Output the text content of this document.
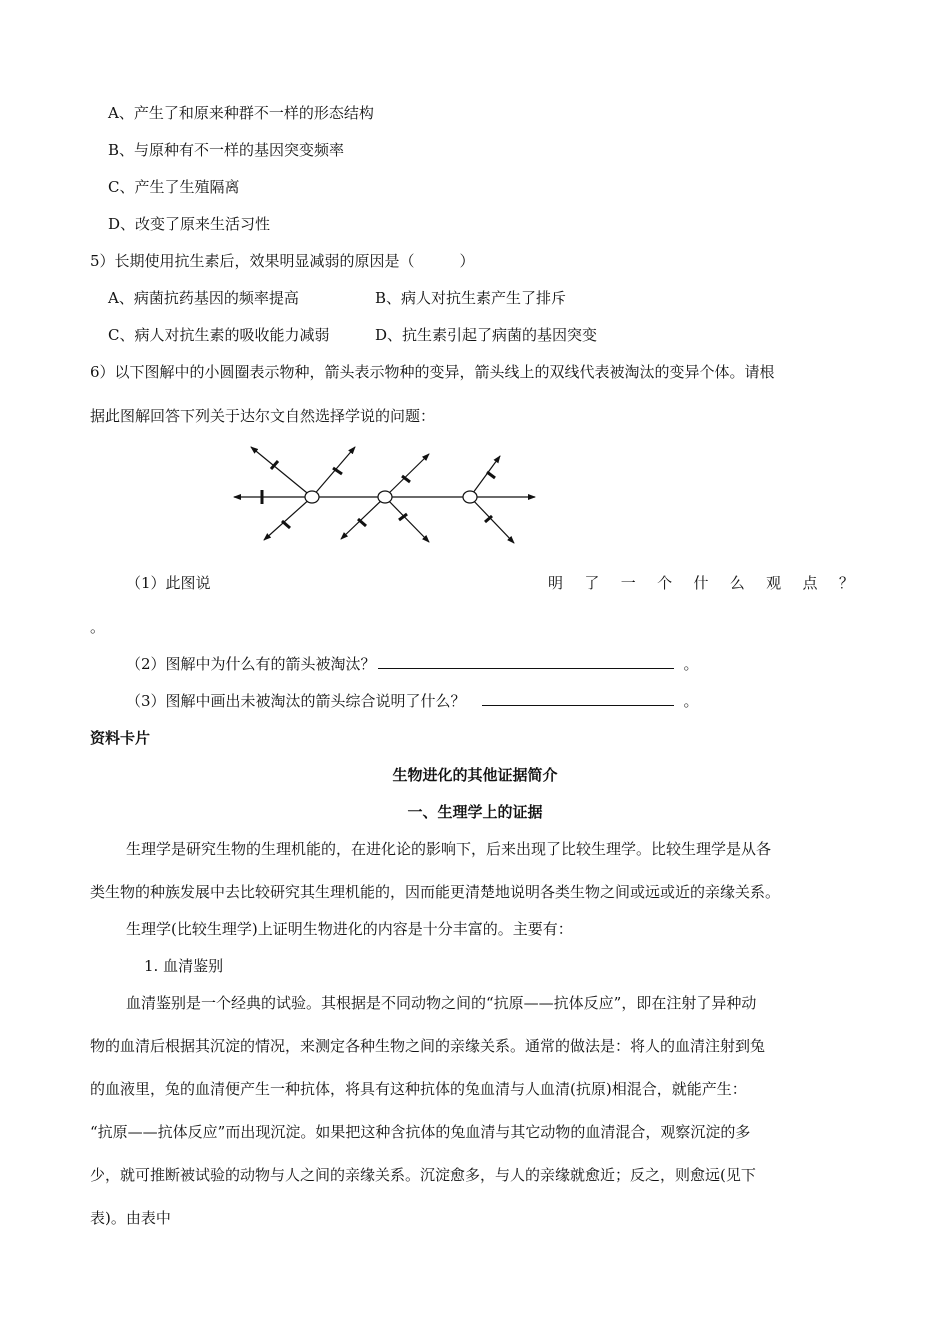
A、产生了和原来种群不一样的形态结构
B、与原种有不一样的基因突变频率
C、产生了生殖隔离
D、改变了原来生活习性
5）长期使用抗生素后，效果明显减弱的原因是（　　　）
A、病菌抗药基因的频率提高	B、病人对抗生素产生了排斥
C、病人对抗生素的吸收能力减弱	D、抗生素引起了病菌的基因突变
6）以下图解中的小圆圈表示物种，箭头表示物种的变异，箭头线上的双线代表被淘汰的变异个体。请根
据此图解回答下列关于达尔文自然选择学说的问题：
（1）此图说	明 了 一 个 什 么 观 点 ？
。
（2）图解中为什么有的箭头被淘汰？	。
（3）图解中画出未被淘汰的箭头综合说明了什么？	。
资料卡片
生物进化的其他证据简介
一、生理学上的证据
生理学是研究生物的生理机能的，在进化论的影响下，后来出现了比较生理学。比较生理学是从各
类生物的种族发展中去比较研究其生理机能的，因而能更清楚地说明各类生物之间或远或近的亲缘关系。
生理学(比较生理学)上证明生物进化的内容是十分丰富的。主要有：
1. 血清鉴别
血清鉴别是一个经典的试验。其根据是不同动物之间的“抗原——抗体反应”，即在注射了异种动
物的血清后根据其沉淀的情况，来测定各种生物之间的亲缘关系。通常的做法是：将人的血清注射到兔
的血液里，兔的血清便产生一种抗体，将具有这种抗体的兔血清与人血清(抗原)相混合，就能产生：
“抗原——抗体反应”而出现沉淀。如果把这种含抗体的兔血清与其它动物的血清混合，观察沉淀的多
少，就可推断被试验的动物与人之间的亲缘关系。沉淀愈多，与人的亲缘就愈近；反之，则愈远(见下
表)。由表中
